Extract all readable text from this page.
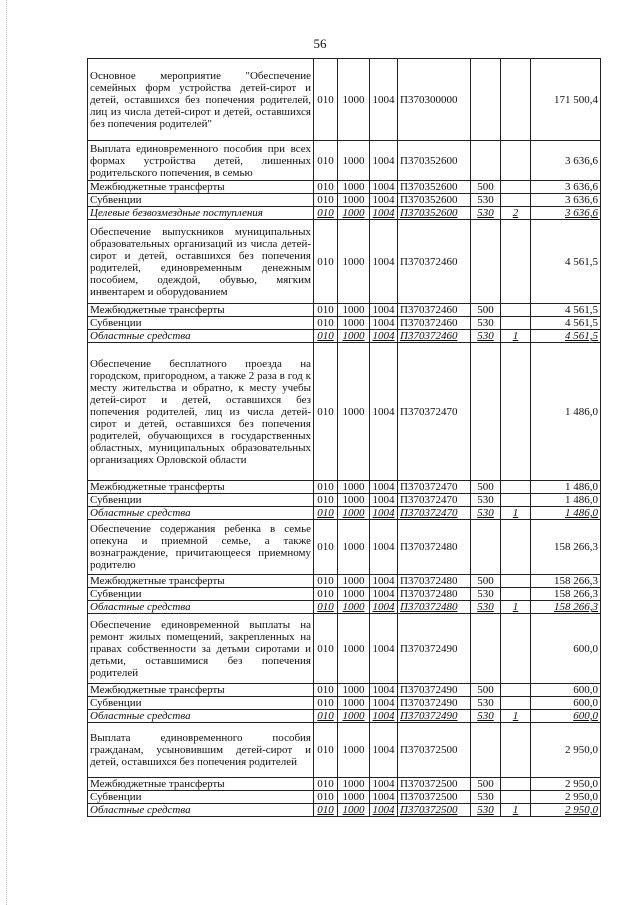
56
Основное мероприятие "Обеспечение семейных форм устройства детей-сирот и детей, оставшихся без попечения родителей, лиц из числа детей-сирот и детей, оставшихся без попечения родителей"	010	1000	1004	П370300000			171 500,4
Выплата единовременного пособия при всех формах устройства детей, лишенных родительского попечения, в семью	010	1000	1004	П370352600			3 636,6
Межбюджетные трансферты	010	1000	1004	П370352600	500		3 636,6
Субвенции	010	1000	1004	П370352600	530		3 636,6
Целевые безвозмездные поступления	010	1000	1004	П370352600	530	2	3 636,6
Обеспечение выпускников муниципальных образовательных организаций из числа детей-сирот и детей, оставшихся без попечения родителей, единовременным денежным пособием, одеждой, обувью, мягким инвентарем и оборудованием	010	1000	1004	П370372460			4 561,5
Межбюджетные трансферты	010	1000	1004	П370372460	500		4 561,5
Субвенции	010	1000	1004	П370372460	530		4 561,5
Областные средства	010	1000	1004	П370372460	530	1	4 561,5
Обеспечение бесплатного проезда на городском, пригородном, а также 2 раза в год к месту жительства и обратно, к месту учебы детей-сирот и детей, оставшихся без попечения родителей, лиц из числа детей-сирот и детей, оставшихся без попечения родителей, обучающихся в государственных областных, муниципальных образовательных организациях Орловской области	010	1000	1004	П370372470			1 486,0
Межбюджетные трансферты	010	1000	1004	П370372470	500		1 486,0
Субвенции	010	1000	1004	П370372470	530		1 486,0
Областные средства	010	1000	1004	П370372470	530	1	1 486,0
Обеспечение содержания ребенка в семье опекуна и приемной семье, а также вознаграждение, причитающееся приемному родителю	010	1000	1004	П370372480			158 266,3
Межбюджетные трансферты	010	1000	1004	П370372480	500		158 266,3
Субвенции	010	1000	1004	П370372480	530		158 266,3
Областные средства	010	1000	1004	П370372480	530	1	158 266,3
Обеспечение единовременной выплаты на ремонт жилых помещений, закрепленных на правах собственности за детьми сиротами и детьми, оставшимися без попечения родителей	010	1000	1004	П370372490			600,0
Межбюджетные трансферты	010	1000	1004	П370372490	500		600,0
Субвенции	010	1000	1004	П370372490	530		600,0
Областные средства	010	1000	1004	П370372490	530	1	600,0
Выплата единовременного пособия гражданам, усыновившим детей-сирот и детей, оставшихся без попечения родителей	010	1000	1004	П370372500			2 950,0
Межбюджетные трансферты	010	1000	1004	П370372500	500		2 950,0
Субвенции	010	1000	1004	П370372500	530		2 950,0
Областные средства	010	1000	1004	П370372500	530	1	2 950,0
